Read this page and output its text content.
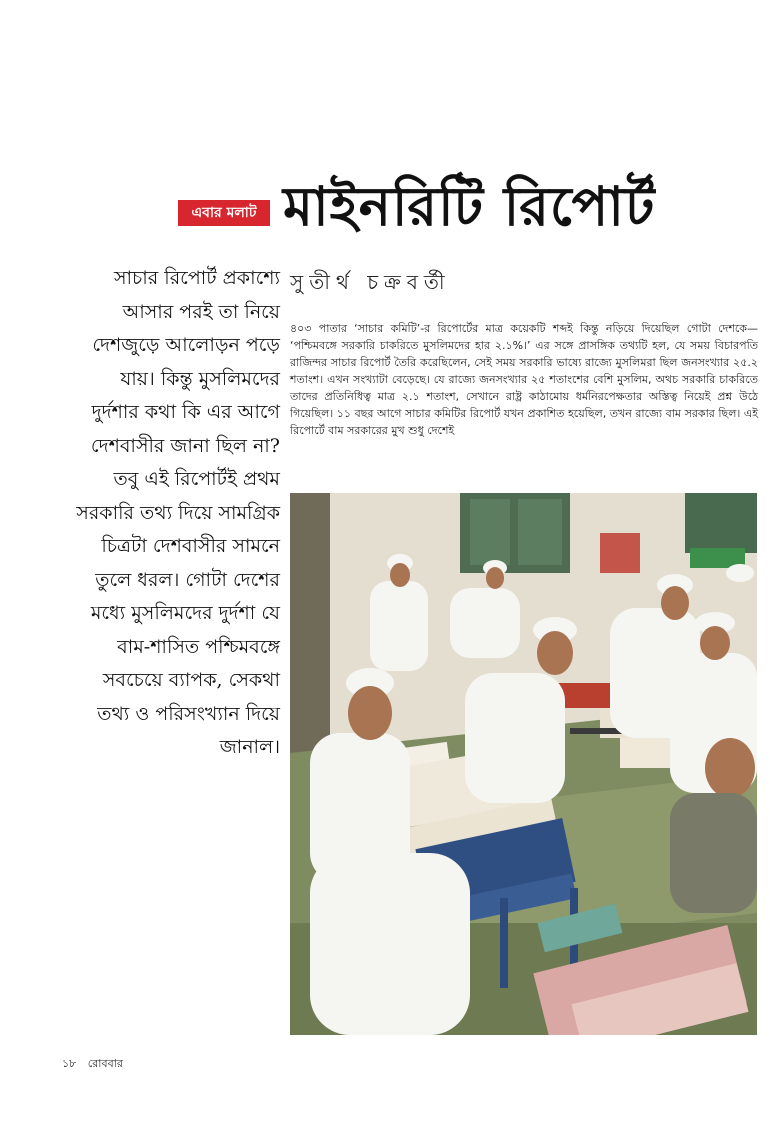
এবার মলাট মাইনরিটি রিপোর্ট
সুতীর্থ চক্রবর্তী
সাচার রিপোর্ট প্রকাশ্যে আসার পরই তা নিয়ে দেশজুড়ে আলোড়ন পড়ে যায়। কিন্তু মুসলিমদের দুর্দশার কথা কি এর আগে দেশবাসীর জানা ছিল না? তবু এই রিপোর্টই প্রথম সরকারি তথ্য দিয়ে সামগ্রিক চিত্রটা দেশবাসীর সামনে তুলে ধরল। গোটা দেশের মধ্যে মুসলিমদের দুর্দশা যে বাম-শাসিত পশ্চিমবঙ্গে সবচেয়ে ব্যাপক, সেকথা তথ্য ও পরিসংখ্যান দিয়ে জানাল।
৪০৩ পাতার ‘সাচার কমিটি’-র রিপোর্টের মাত্র কয়েকটি শব্দই কিন্তু নড়িয়ে দিয়েছিল গোটা দেশকে— ‘পশ্চিমবঙ্গে সরকারি চাকরিতে মুসলিমদের হার ২.১%।’ এর সঙ্গে প্রাসঙ্গিক তথ্যটি হল, যে সময় বিচারপতি রাজিন্দর সাচার রিপোর্ট তৈরি করেছিলেন, সেই সময় সরকারি ভাষ্যে রাজ্যে মুসলিমরা ছিল জনসংখ্যার ২৫.২ শতাংশ। এখন সংখ্যাটা বেড়েছে। যে রাজ্যে জনসংখ্যার ২৫ শতাংশের বেশি মুসলিম, অথচ সরকারি চাকরিতে তাদের প্রতিনিধিত্ব মাত্র ২.১ শতাংশ, সেখানে রাষ্ট্র কাঠামোয় ধর্মনিরপেক্ষতার অস্তিত্ব নিয়েই প্রশ্ন উঠে গিয়েছিল। ১১ বছর আগে সাচার কমিটির রিপোর্ট যখন প্রকাশিত হয়েছিল, তখন রাজ্যে বাম সরকার ছিল। এই রিপোর্টে বাম সরকারের মুখ শুধু দেশেই
১৮ রোববার
